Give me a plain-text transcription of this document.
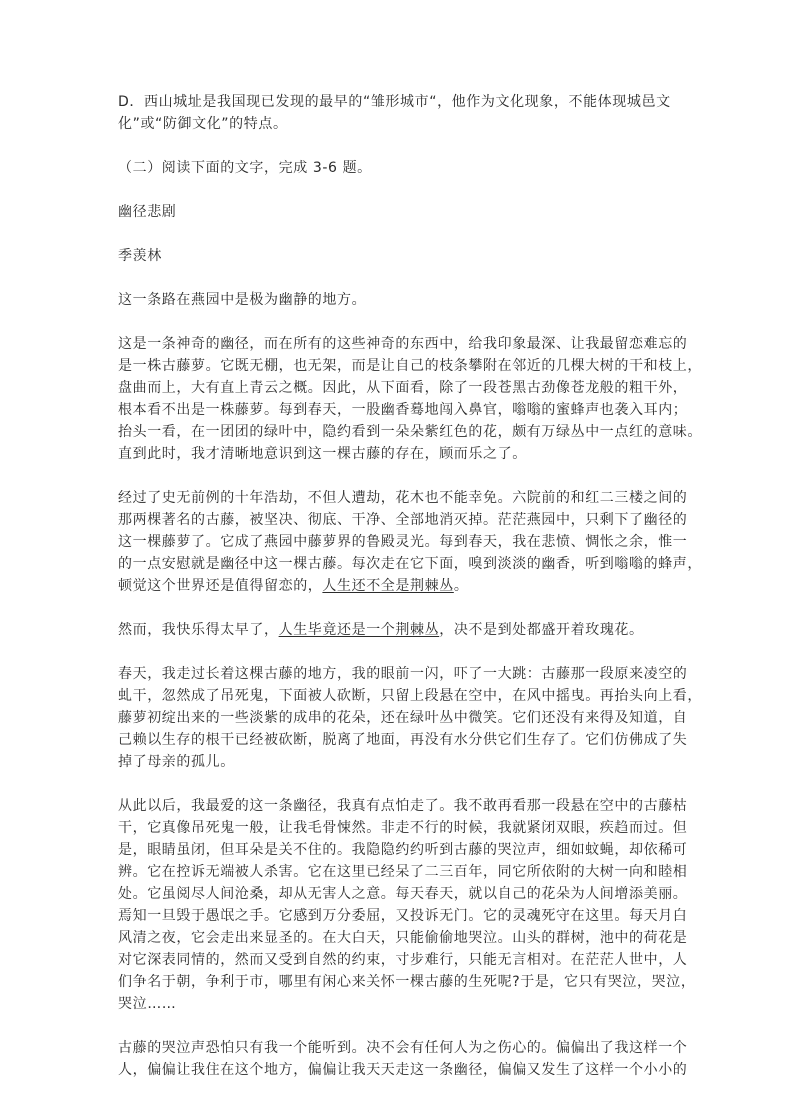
D．西山城址是我国现已发现的最早的“雏形城市“，他作为文化现象，不能体现城邑文
化”或“防御文化”的特点。
（二）阅读下面的文字，完成 3-6 题。
幽径悲剧
季羡林
这一条路在燕园中是极为幽静的地方。
这是一条神奇的幽径，而在所有的这些神奇的东西中，给我印象最深、让我最留恋难忘的
是一株古藤萝。它既无棚，也无架，而是让自己的枝条攀附在邻近的几棵大树的干和枝上，
盘曲而上，大有直上青云之概。因此，从下面看，除了一段苍黑古劲像苍龙般的粗干外，
根本看不出是一株藤萝。每到春天，一股幽香蓦地闯入鼻官，嗡嗡的蜜蜂声也袭入耳内；
抬头一看，在一团团的绿叶中，隐约看到一朵朵紫红色的花，颇有万绿丛中一点红的意味。
直到此时，我才清晰地意识到这一棵古藤的存在，顾而乐之了。
经过了史无前例的十年浩劫，不但人遭劫，花木也不能幸免。六院前的和红二三楼之间的
那两棵著名的古藤，被坚决、彻底、干净、全部地消灭掉。茫茫燕园中，只剩下了幽径的
这一棵藤萝了。它成了燕园中藤萝界的鲁殿灵光。每到春天，我在悲愤、惆怅之余，惟一
的一点安慰就是幽径中这一棵古藤。每次走在它下面，嗅到淡淡的幽香，听到嗡嗡的蜂声，
顿觉这个世界还是值得留恋的，人生还不全是荆棘丛。
然而，我快乐得太早了，人生毕竟还是一个荆棘丛，决不是到处都盛开着玫瑰花。
春天，我走过长着这棵古藤的地方，我的眼前一闪，吓了一大跳：古藤那一段原来凌空的
虬干，忽然成了吊死鬼，下面被人砍断，只留上段悬在空中，在风中摇曳。再抬头向上看，
藤萝初绽出来的一些淡紫的成串的花朵，还在绿叶丛中微笑。它们还没有来得及知道，自
己赖以生存的根干已经被砍断，脱离了地面，再没有水分供它们生存了。它们仿佛成了失
掉了母亲的孤儿。
从此以后，我最爱的这一条幽径，我真有点怕走了。我不敢再看那一段悬在空中的古藤枯
干，它真像吊死鬼一般，让我毛骨悚然。非走不行的时候，我就紧闭双眼，疾趋而过。但
是，眼睛虽闭，但耳朵是关不住的。我隐隐约约听到古藤的哭泣声，细如蚊蝇，却依稀可
辨。它在控诉无端被人杀害。它在这里已经呆了二三百年，同它所依附的大树一向和睦相
处。它虽阅尽人间沧桑，却从无害人之意。每天春天，就以自己的花朵为人间增添美丽。
焉知一旦毁于愚氓之手。它感到万分委屈，又投诉无门。它的灵魂死守在这里。每天月白
风清之夜，它会走出来显圣的。在大白天，只能偷偷地哭泣。山头的群树，池中的荷花是
对它深表同情的，然而又受到自然的约束，寸步难行，只能无言相对。在茫茫人世中，人
们争名于朝，争利于市，哪里有闲心来关怀一棵古藤的生死呢?于是，它只有哭泣，哭泣，
哭泣……
古藤的哭泣声恐怕只有我一个能听到。决不会有任何人为之伤心的。偏偏出了我这样一个
人，偏偏让我住在这个地方，偏偏让我天天走这一条幽径，偏偏又发生了这样一个小小的
